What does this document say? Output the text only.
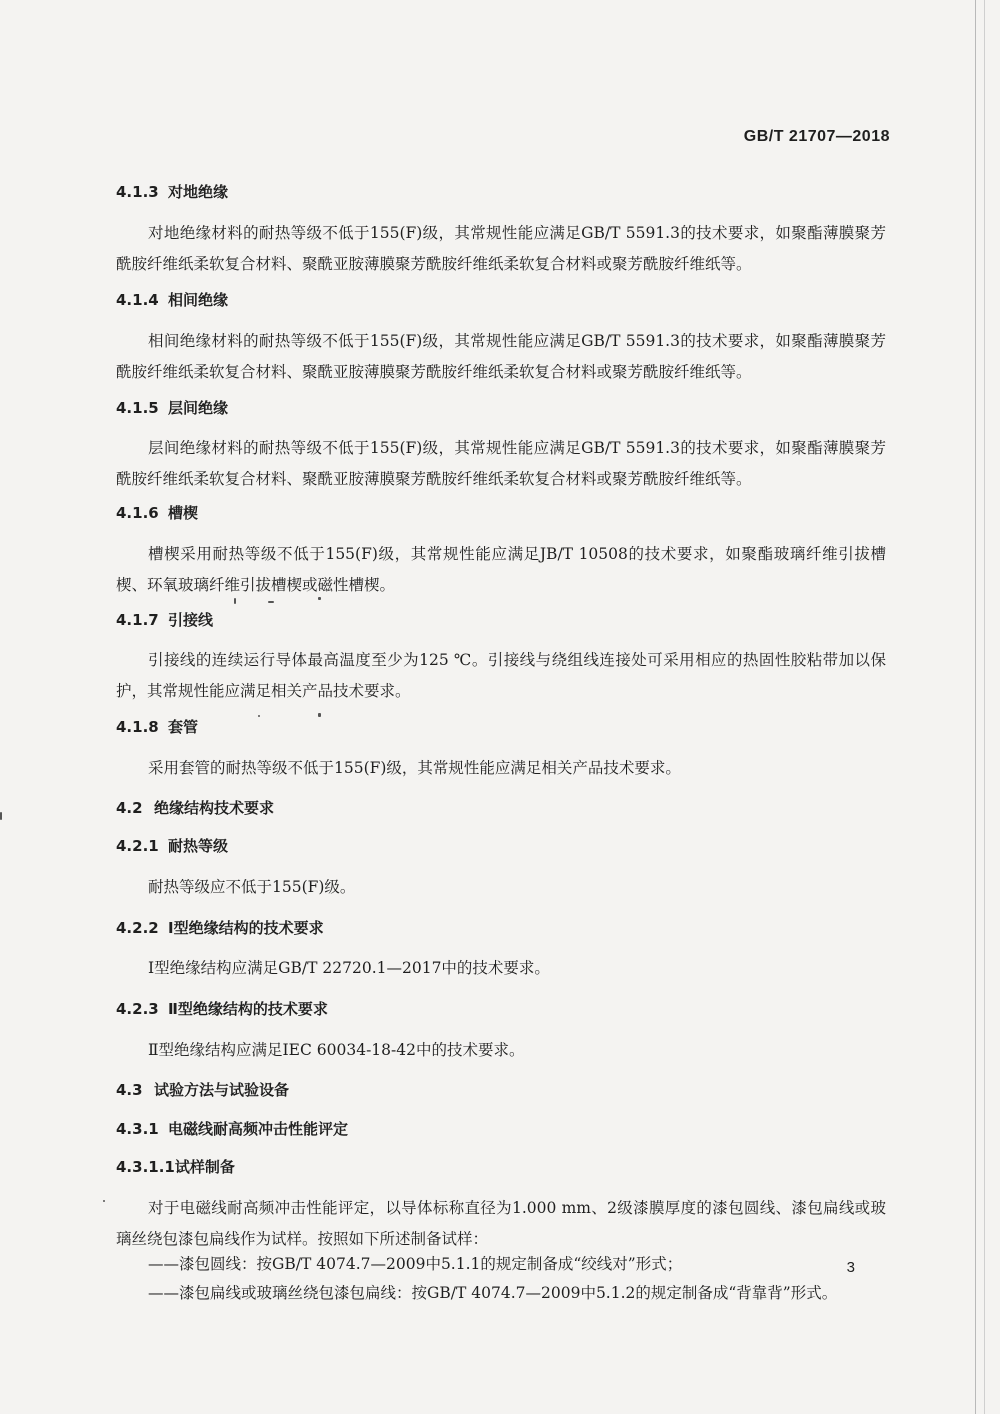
GB/T 21707—2018
4.1.3 对地绝缘
对地绝缘材料的耐热等级不低于155(F)级，其常规性能应满足GB/T 5591.3的技术要求，如聚酯薄膜聚芳酰胺纤维纸柔软复合材料、聚酰亚胺薄膜聚芳酰胺纤维纸柔软复合材料或聚芳酰胺纤维纸等。
4.1.4 相间绝缘
相间绝缘材料的耐热等级不低于155(F)级，其常规性能应满足GB/T 5591.3的技术要求，如聚酯薄膜聚芳酰胺纤维纸柔软复合材料、聚酰亚胺薄膜聚芳酰胺纤维纸柔软复合材料或聚芳酰胺纤维纸等。
4.1.5 层间绝缘
层间绝缘材料的耐热等级不低于155(F)级，其常规性能应满足GB/T 5591.3的技术要求，如聚酯薄膜聚芳酰胺纤维纸柔软复合材料、聚酰亚胺薄膜聚芳酰胺纤维纸柔软复合材料或聚芳酰胺纤维纸等。
4.1.6 槽楔
槽楔采用耐热等级不低于155(F)级，其常规性能应满足JB/T 10508的技术要求，如聚酯玻璃纤维引拔槽楔、环氧玻璃纤维引拔槽楔或磁性槽楔。
4.1.7 引接线
引接线的连续运行导体最高温度至少为125 ℃。引接线与绕组线连接处可采用相应的热固性胶粘带加以保护，其常规性能应满足相关产品技术要求。
4.1.8 套管
采用套管的耐热等级不低于155(F)级，其常规性能应满足相关产品技术要求。
4.2 绝缘结构技术要求
4.2.1 耐热等级
耐热等级应不低于155(F)级。
4.2.2 Ⅰ型绝缘结构的技术要求
Ⅰ型绝缘结构应满足GB/T 22720.1—2017中的技术要求。
4.2.3 Ⅱ型绝缘结构的技术要求
Ⅱ型绝缘结构应满足IEC 60034-18-42中的技术要求。
4.3 试验方法与试验设备
4.3.1 电磁线耐高频冲击性能评定
4.3.1.1试样制备
对于电磁线耐高频冲击性能评定，以导体标称直径为1.000 mm、2级漆膜厚度的漆包圆线、漆包扁线或玻璃丝绕包漆包扁线作为试样。按照如下所述制备试样：
——漆包圆线：按GB/T 4074.7—2009中5.1.1的规定制备成“绞线对”形式；
——漆包扁线或玻璃丝绕包漆包扁线：按GB/T 4074.7—2009中5.1.2的规定制备成“背靠背”形式。
3
